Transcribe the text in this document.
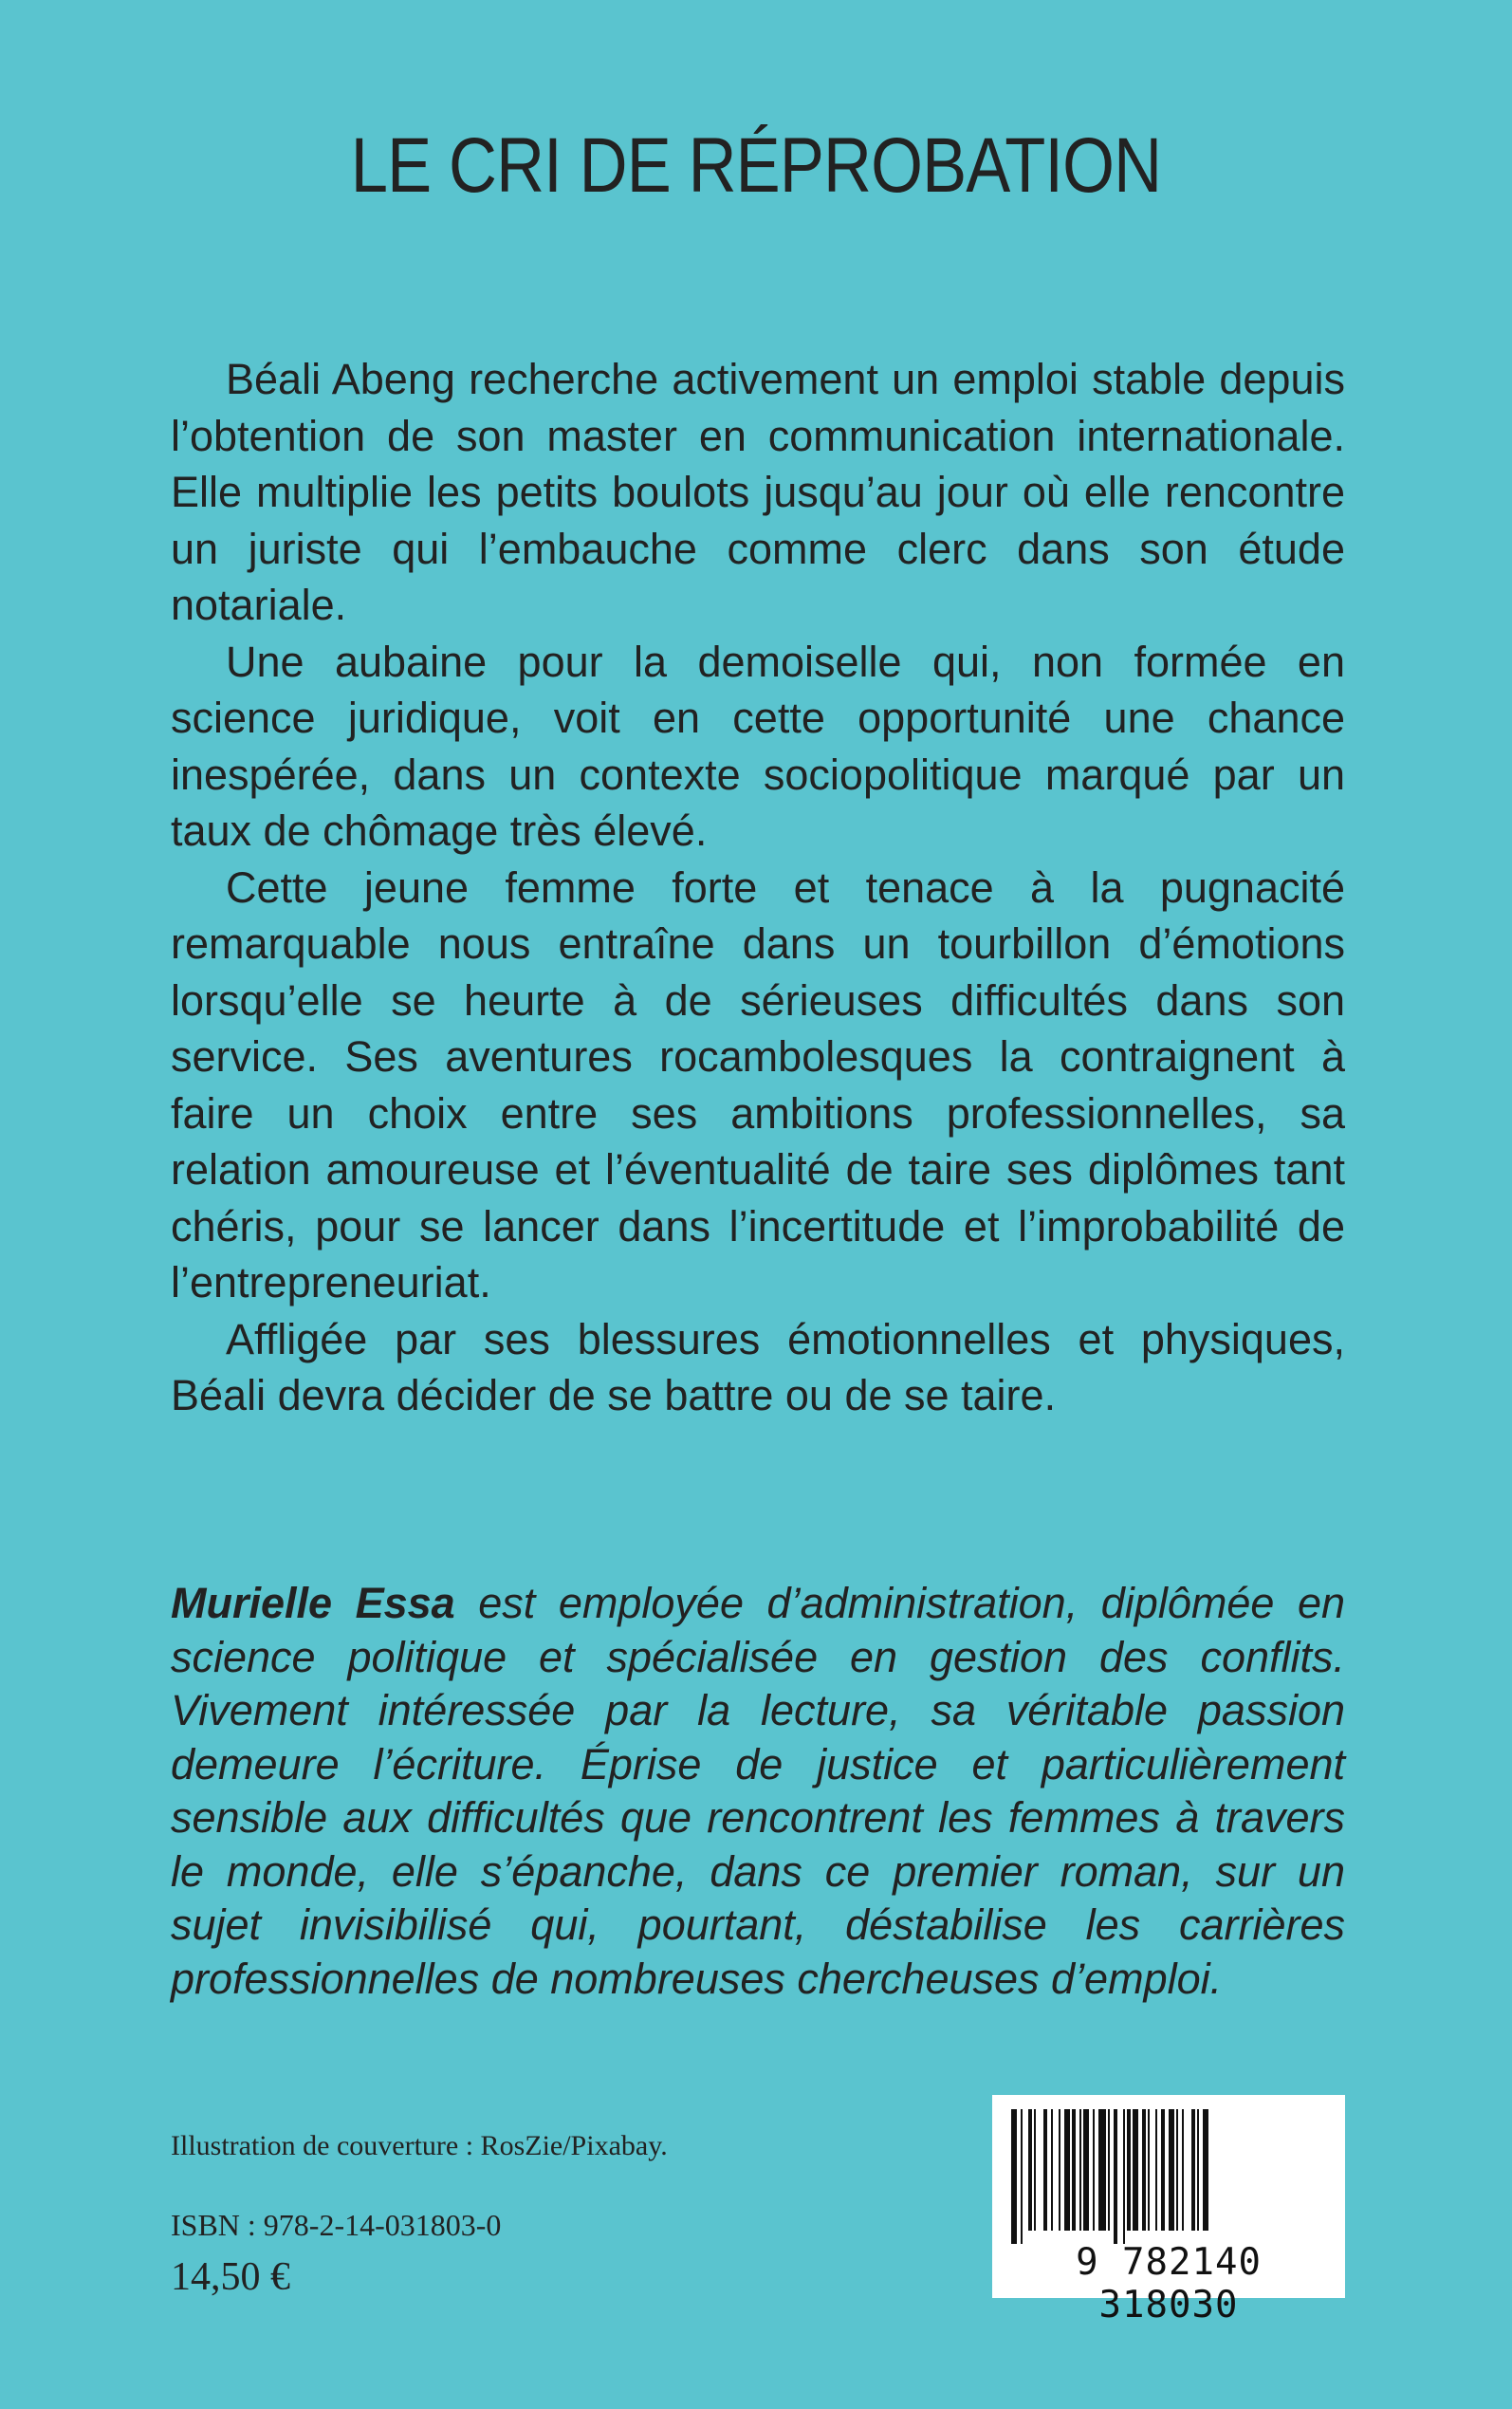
LE CRI DE RÉPROBATION

Béali Abeng recherche activement un emploi stable depuis l’obtention de son master en communication internationale. Elle multiplie les petits boulots jusqu’au jour où elle rencontre un juriste qui l’embauche comme clerc dans son étude notariale.

Une aubaine pour la demoiselle qui, non formée en science juridique, voit en cette opportunité une chance inespérée, dans un contexte sociopolitique marqué par un taux de chômage très élevé.

Cette jeune femme forte et tenace à la pugnacité remarquable nous entraîne dans un tourbillon d’émotions lorsqu’elle se heurte à de sérieuses difficultés dans son service. Ses aventures rocambolesques la contraignent à faire un choix entre ses ambitions professionnelles, sa relation amoureuse et l’éventualité de taire ses diplômes tant chéris, pour se lancer dans l’incertitude et l’improbabilité de l’entrepreneuriat.

Affligée par ses blessures émotionnelles et physiques, Béali devra décider de se battre ou de se taire.

Murielle Essa est employée d’administration, diplômée en science politique et spécialisée en gestion des conflits. Vivement intéressée par la lecture, sa véritable passion demeure l’écriture. Éprise de justice et particulièrement sensible aux difficultés que rencontrent les femmes à travers le monde, elle s’épanche, dans ce premier roman, sur un sujet invisibilisé qui, pourtant, déstabilise les carrières professionnelles de nombreuses chercheuses d’emploi.

Illustration de couverture : RosZie/Pixabay.
ISBN : 978-2-14-031803-0
14,50 €	9 782140 318030
